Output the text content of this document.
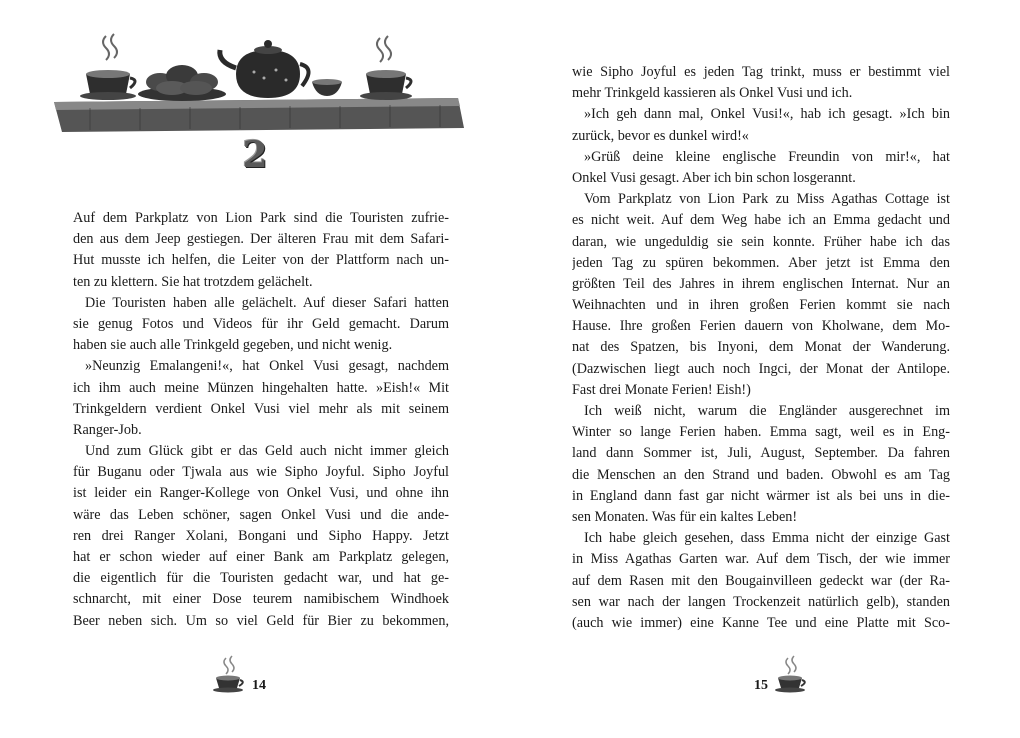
2
Auf dem Parkplatz von Lion Park sind die Touristen zufrie-
den aus dem Jeep gestiegen. Der älteren Frau mit dem Safari-
Hut musste ich helfen, die Leiter von der Plattform nach un-
ten zu klettern. Sie hat trotzdem gelächelt.
Die Touristen haben alle gelächelt. Auf dieser Safari hatten
sie genug Fotos und Videos für ihr Geld gemacht. Darum
haben sie auch alle Trinkgeld gegeben, und nicht wenig.
»Neunzig Emalangeni!«, hat Onkel Vusi gesagt, nachdem
ich ihm auch meine Münzen hingehalten hatte. »Eish!« Mit
Trinkgeldern verdient Onkel Vusi viel mehr als mit seinem
Ranger-Job.
Und zum Glück gibt er das Geld auch nicht immer gleich
für Buganu oder Tjwala aus wie Sipho Joyful. Sipho Joyful
ist leider ein Ranger-Kollege von Onkel Vusi, und ohne ihn
wäre das Leben schöner, sagen Onkel Vusi und die ande-
ren drei Ranger Xolani, Bongani und Sipho Happy. Jetzt
hat er schon wieder auf einer Bank am Parkplatz gelegen,
die eigentlich für die Touristen gedacht war, und hat ge-
schnarcht, mit einer Dose teurem namibischem Windhoek
Beer neben sich. Um so viel Geld für Bier zu bekommen,
14
wie Sipho Joyful es jeden Tag trinkt, muss er bestimmt viel
mehr Trinkgeld kassieren als Onkel Vusi und ich.
»Ich geh dann mal, Onkel Vusi!«, hab ich gesagt. »Ich bin
zurück, bevor es dunkel wird!«
»Grüß deine kleine englische Freundin von mir!«, hat
Onkel Vusi gesagt. Aber ich bin schon losgerannt.
Vom Parkplatz von Lion Park zu Miss Agathas Cottage ist
es nicht weit. Auf dem Weg habe ich an Emma gedacht und
daran, wie ungeduldig sie sein konnte. Früher habe ich das
jeden Tag zu spüren bekommen. Aber jetzt ist Emma den
größten Teil des Jahres in ihrem englischen Internat. Nur an
Weihnachten und in ihren großen Ferien kommt sie nach
Hause. Ihre großen Ferien dauern von Kholwane, dem Mo-
nat des Spatzen, bis Inyoni, dem Monat der Wanderung.
(Dazwischen liegt auch noch Ingci, der Monat der Antilope.
Fast drei Monate Ferien! Eish!)
Ich weiß nicht, warum die Engländer ausgerechnet im
Winter so lange Ferien haben. Emma sagt, weil es in Eng-
land dann Sommer ist, Juli, August, September. Da fahren
die Menschen an den Strand und baden. Obwohl es am Tag
in England dann fast gar nicht wärmer ist als bei uns in die-
sen Monaten. Was für ein kaltes Leben!
Ich habe gleich gesehen, dass Emma nicht der einzige Gast
in Miss Agathas Garten war. Auf dem Tisch, der wie immer
auf dem Rasen mit den Bougainvilleen gedeckt war (der Ra-
sen war nach der langen Trockenzeit natürlich gelb), standen
(auch wie immer) eine Kanne Tee und eine Platte mit Sco-
15
